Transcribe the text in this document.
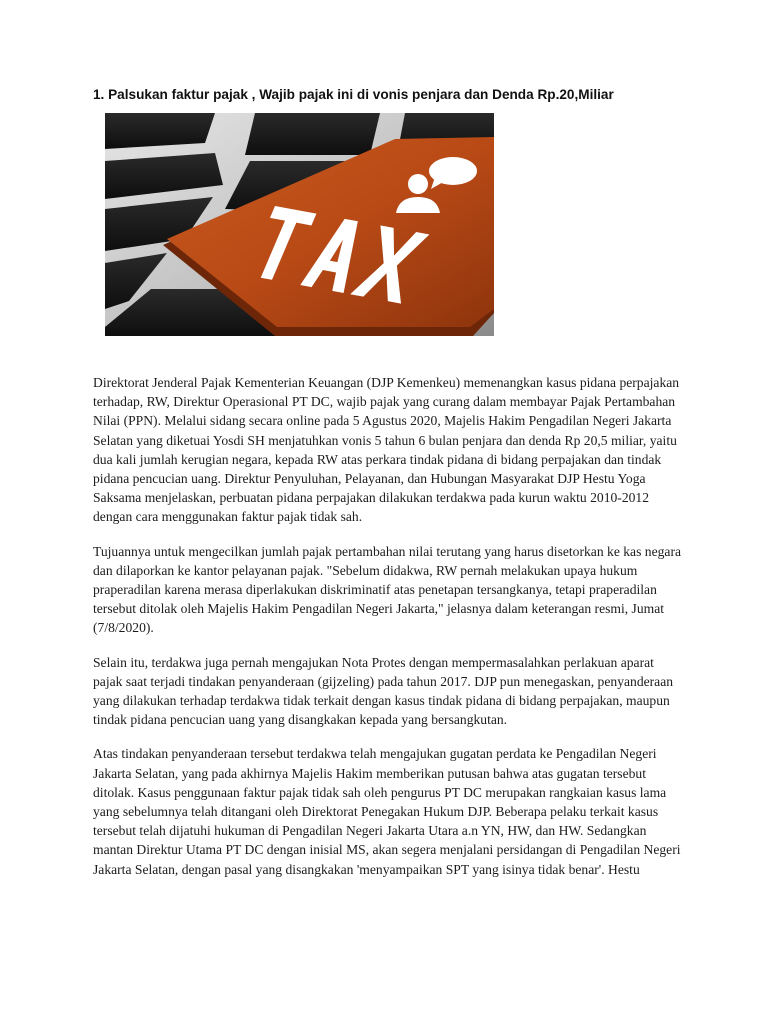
1. Palsukan faktur pajak , Wajib pajak ini di vonis penjara dan Denda Rp.20,Miliar

Direktorat Jenderal Pajak Kementerian Keuangan (DJP Kemenkeu) memenangkan kasus pidana perpajakan terhadap, RW, Direktur Operasional PT DC, wajib pajak yang curang dalam membayar Pajak Pertambahan Nilai (PPN). Melalui sidang secara online pada 5 Agustus 2020, Majelis Hakim Pengadilan Negeri Jakarta Selatan yang diketuai Yosdi SH menjatuhkan vonis 5 tahun 6 bulan penjara dan denda Rp 20,5 miliar, yaitu dua kali jumlah kerugian negara, kepada RW atas perkara tindak pidana di bidang perpajakan dan tindak pidana pencucian uang. Direktur Penyuluhan, Pelayanan, dan Hubungan Masyarakat DJP Hestu Yoga Saksama menjelaskan, perbuatan pidana perpajakan dilakukan terdakwa pada kurun waktu 2010-2012 dengan cara menggunakan faktur pajak tidak sah.

Tujuannya untuk mengecilkan jumlah pajak pertambahan nilai terutang yang harus disetorkan ke kas negara dan dilaporkan ke kantor pelayanan pajak. "Sebelum didakwa, RW pernah melakukan upaya hukum praperadilan karena merasa diperlakukan diskriminatif atas penetapan tersangkanya, tetapi praperadilan tersebut ditolak oleh Majelis Hakim Pengadilan Negeri Jakarta," jelasnya dalam keterangan resmi, Jumat (7/8/2020).

Selain itu, terdakwa juga pernah mengajukan Nota Protes dengan mempermasalahkan perlakuan aparat pajak saat terjadi tindakan penyanderaan (gijzeling) pada tahun 2017. DJP pun menegaskan, penyanderaan yang dilakukan terhadap terdakwa tidak terkait dengan kasus tindak pidana di bidang perpajakan, maupun tindak pidana pencucian uang yang disangkakan kepada yang bersangkutan.

Atas tindakan penyanderaan tersebut terdakwa telah mengajukan gugatan perdata ke Pengadilan Negeri Jakarta Selatan, yang pada akhirnya Majelis Hakim memberikan putusan bahwa atas gugatan tersebut ditolak. Kasus penggunaan faktur pajak tidak sah oleh pengurus PT DC merupakan rangkaian kasus lama yang sebelumnya telah ditangani oleh Direktorat Penegakan Hukum DJP. Beberapa pelaku terkait kasus tersebut telah dijatuhi hukuman di Pengadilan Negeri Jakarta Utara a.n YN, HW, dan HW. Sedangkan mantan Direktur Utama PT DC dengan inisial MS, akan segera menjalani persidangan di Pengadilan Negeri Jakarta Selatan, dengan pasal yang disangkakan 'menyampaikan SPT yang isinya tidak benar'. Hestu
